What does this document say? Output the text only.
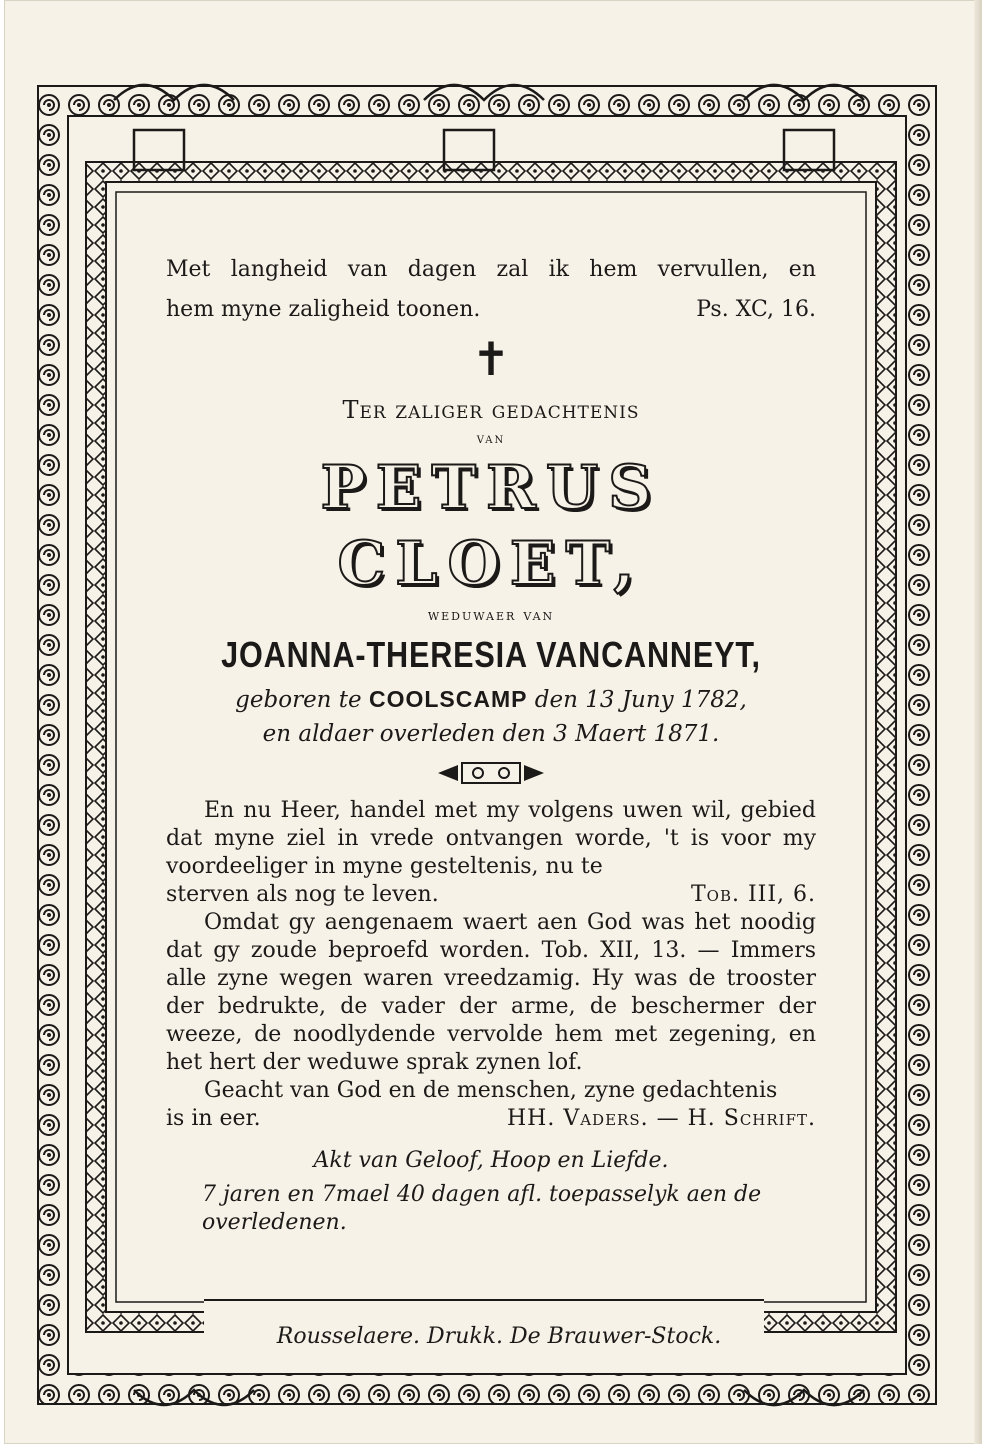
Met langheid van dagen zal ik hem vervullen, en

hem myne zaligheid toonen.	Ps. XC, 16.
✝
Ter zaliger gedachtenis
van
PETRUS CLOET,
weduwaer van
JOANNA-THERESIA VANCANNEYT,
geboren te COOLSCAMP den 13 Juny 1782,
en aldaer overleden den 3 Maert 1871.

En nu Heer, handel met my volgens uwen wil, gebied dat myne ziel in vrede ontvangen worde, 't is voor my voordeeliger in myne gesteltenis, nu te

sterven als nog te leven.	Tob. III, 6.

Omdat gy aengenaem waert aen God was het noodig dat gy zoude beproefd worden. Tob. XII, 13. — Immers alle zyne wegen waren vreedzamig. Hy was de trooster der bedrukte, de vader der arme, de beschermer der weeze, de noodlydende vervolde hem met zegening, en het hert der weduwe sprak zynen lof.

Geacht van God en de menschen, zyne gedachtenis

is in eer.	HH. Vaders. — H. Schrift.
Akt van Geloof, Hoop en Liefde.
7 jaren en 7mael 40 dagen afl. toepasselyk aen de overledenen.
Rousselaere. Drukk. De Brauwer-Stock.
